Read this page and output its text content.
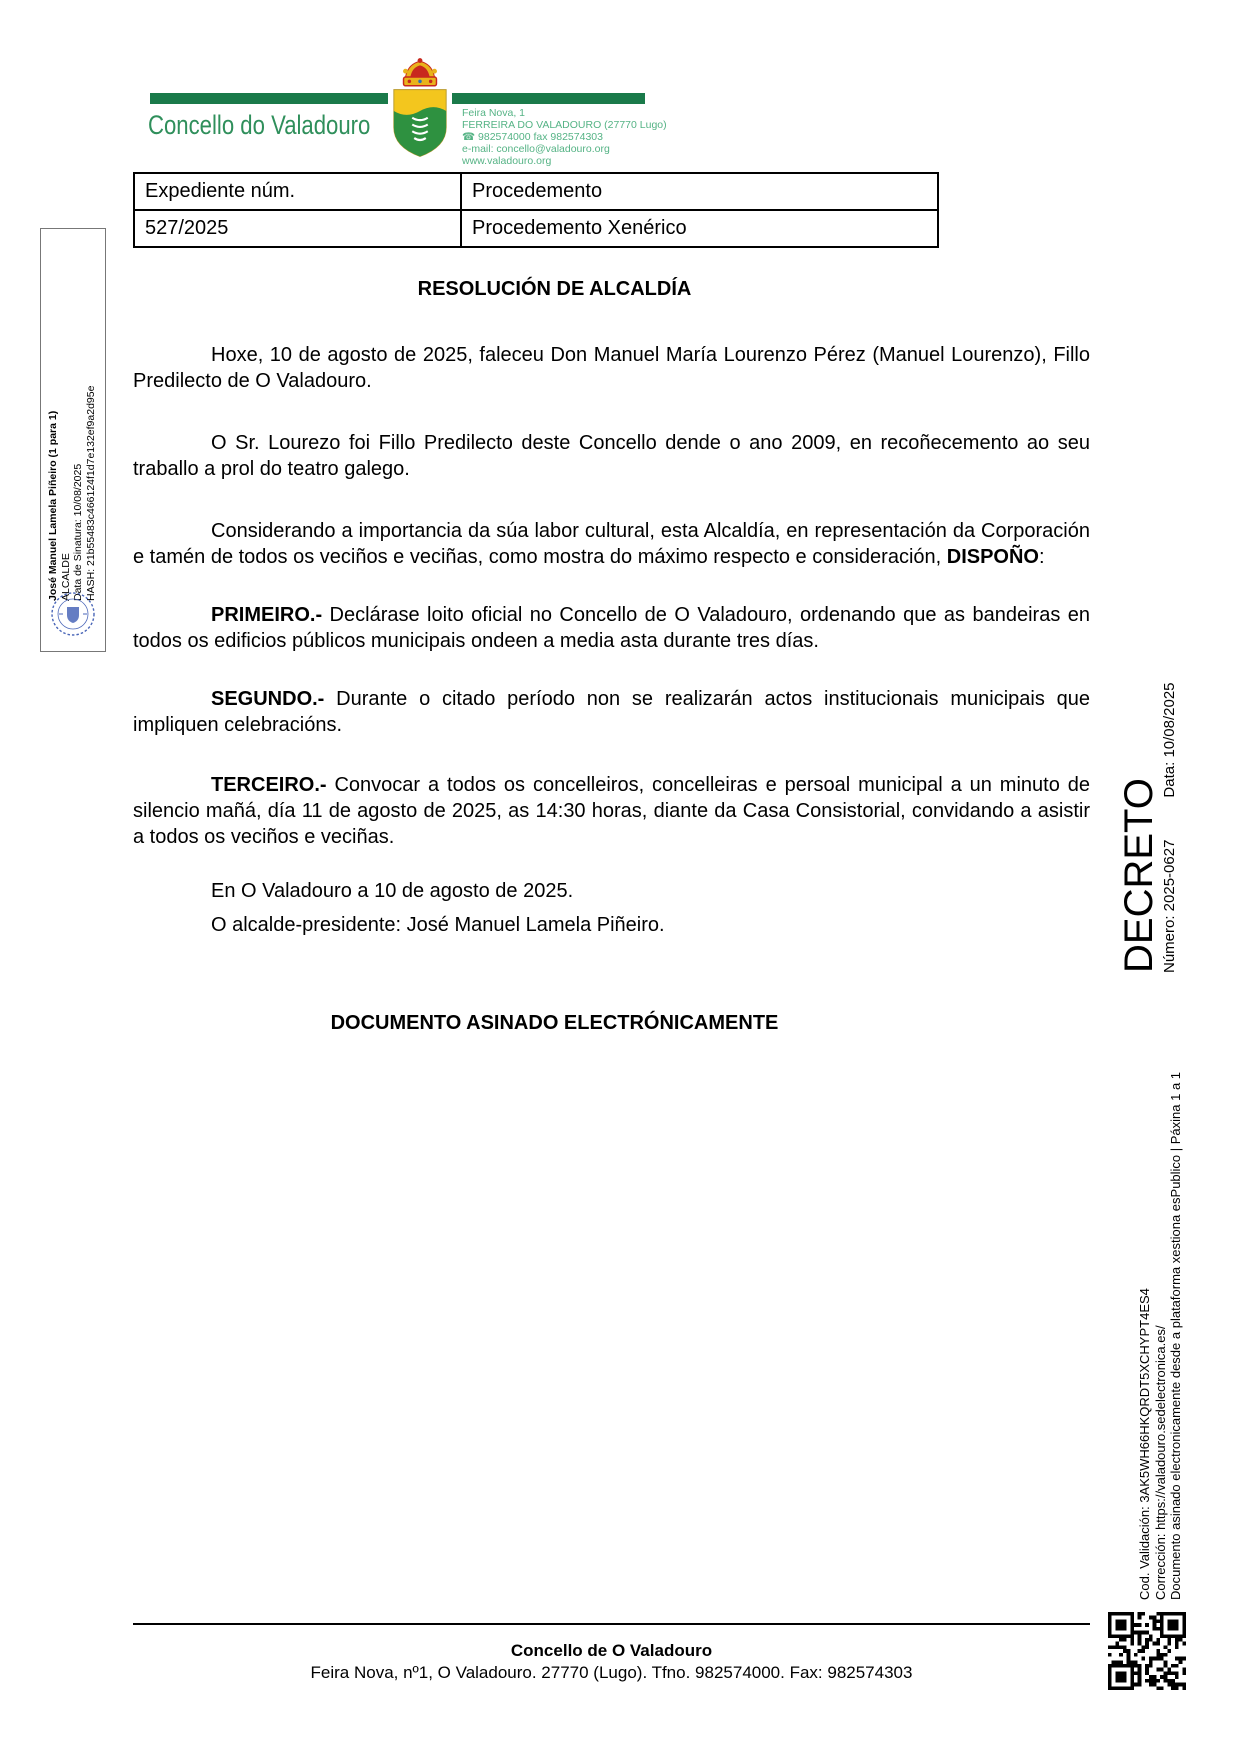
Concello do Valadouro	Feira Nova, 1
FERREIRA DO VALADOURO (27770 Lugo)
☎ 982574000 fax 982574303
e-mail: concello@valadouro.org
www.valadouro.org
Expediente núm.	Procedemento
527/2025	Procedemento Xenérico
José Manuel Lamela Piñeiro (1 para 1) ALCALDE Data de Sinatura: 10/08/2025 HASH: 21b55483c466124f1d7e132ef9a2d95e
DECRETO Número: 2025-0627
Data: 10/08/2025
RESOLUCIÓN DE ALCALDÍA

Hoxe, 10 de agosto de 2025, faleceu Don Manuel María Lourenzo Pérez (Manuel Lourenzo), Fillo Predilecto de O Valadouro.

O Sr. Lourezo foi Fillo Predilecto deste Concello dende o ano 2009, en recoñecemento ao seu traballo a prol do teatro galego.

Considerando a importancia da súa labor cultural, esta Alcaldía, en representación da Corporación e tamén de todos os veciños e veciñas, como mostra do máximo respecto e consideración, DISPOÑO:

PRIMEIRO.- Declárase loito oficial no Concello de O Valadouro, ordenando que as bandeiras en todos os edificios públicos municipais ondeen a media asta durante tres días.

SEGUNDO.- Durante o citado período non se realizarán actos institucionais municipais que impliquen celebracións.

TERCEIRO.- Convocar a todos os concelleiros, concelleiras e persoal municipal a un minuto de silencio mañá, día 11 de agosto de 2025, as 14:30 horas, diante da Casa Consistorial, convidando a asistir a todos os veciños e veciñas.

En O Valadouro a 10 de agosto de 2025.

O alcalde-presidente: José Manuel Lamela Piñeiro.

DOCUMENTO ASINADO ELECTRÓNICAMENTE

Cod. Validación: 3AK5WH66HKQRDT5XCHYPT4ES4 Corrección: https://valadouro.sedelectronica.es/ Documento asinado electronicamente desde a plataforma xestiona esPublico | Páxina 1 a 1
Concello de O Valadouro
Feira Nova, nº1, O Valadouro. 27770 (Lugo). Tfno. 982574000. Fax: 982574303
